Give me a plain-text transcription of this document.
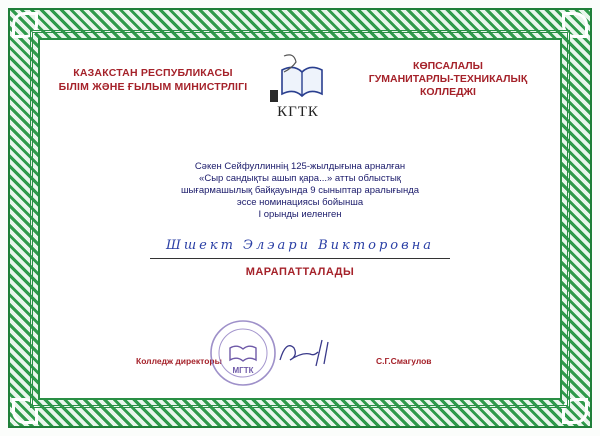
КАЗАКСТАН РЕСПУБЛИКАСЫ
БІЛІМ ЖӘНЕ ҒЫЛЫМ МИНИСТРЛІГІ
КГТК
КӨПСАЛАЛЫ
ГУМАНИТАРЛЫ-ТЕХНИКАЛЫҚ
КОЛЛЕДЖІ
Сәкен Сейфуллиннің 125-жылдығына арналған
«Сыр сандықты ашып қара...» атты облыстық
шығармашылық байқауында 9 сыныптар аралығында
эссе номинациясы бойынша
I орынды иеленген
Шшект Элэари Викторовна
МАРАПАТТАЛАДЫ
Колледж директоры
МГТК
С.Г.Смагулов
